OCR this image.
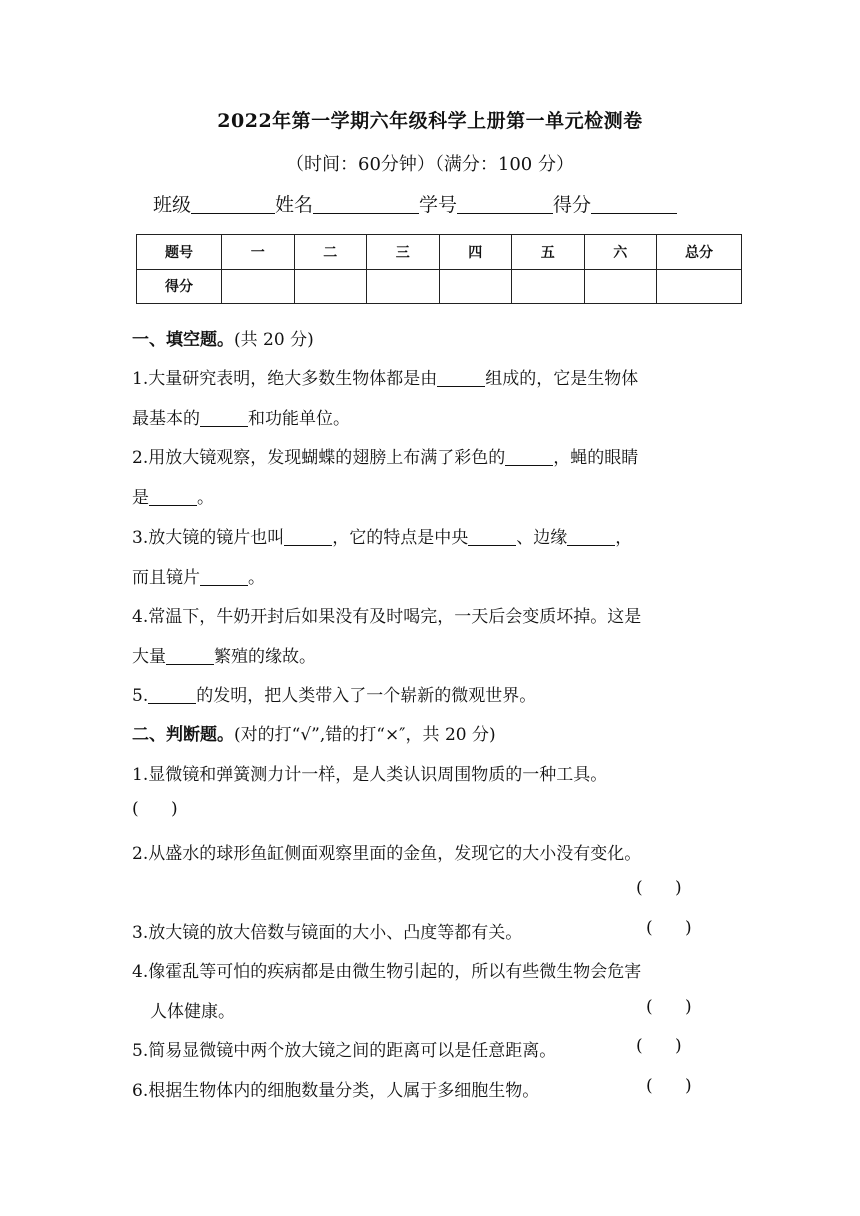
2022年第一学期六年级科学上册第一单元检测卷
（时间：60分钟）（满分：100 分）
班级	姓名	学号	得分
题号	一	二	三	四	五	六	总分
得分							
一、填空题。(共 20 分)
1.大量研究表明，绝大多数生物体都是由	组成的，它是生物体
最基本的	和功能单位。
2.用放大镜观察，发现蝴蝶的翅膀上布满了彩色的	，蝇的眼睛
是	。
3.放大镜的镜片也叫	，它的特点是中央	、边缘	，
而且镜片	。
4.常温下，牛奶开封后如果没有及时喝完，一天后会变质坏掉。这是
大量	繁殖的缘故。
5.	的发明，把人类带入了一个崭新的微观世界。
二、判断题。(对的打“√”,错的打“×″，共 20 分)
1.显微镜和弹簧测力计一样，是人类认识周围物质的一种工具。
(      )
2.从盛水的球形鱼缸侧面观察里面的金鱼，发现它的大小没有变化。
(      )
3.放大镜的放大倍数与镜面的大小、凸度等都有关。	(      )
4.像霍乱等可怕的疾病都是由微生物引起的，所以有些微生物会危害
人体健康。	(      )
5.简易显微镜中两个放大镜之间的距离可以是任意距离。	(      )
6.根据生物体内的细胞数量分类，人属于多细胞生物。	(      )
